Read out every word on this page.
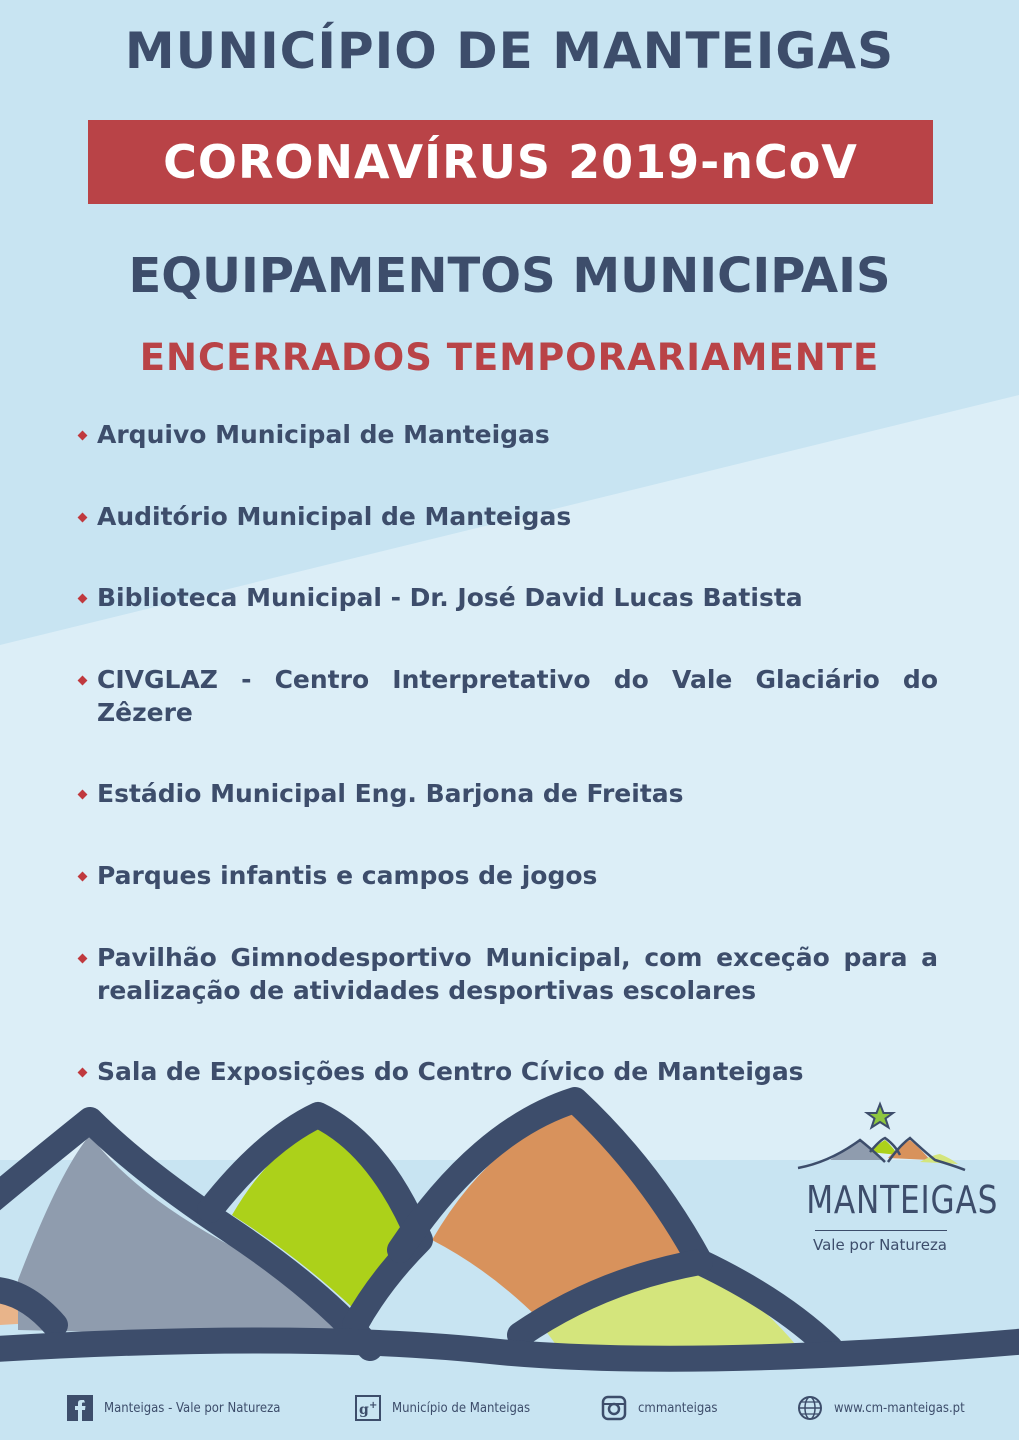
MUNICÍPIO DE MANTEIGAS
CORONAVÍRUS 2019-nCoV
EQUIPAMENTOS MUNICIPAIS
ENCERRADOS TEMPORARIAMENTE
Arquivo Municipal de Manteigas
Auditório Municipal de Manteigas
Biblioteca Municipal - Dr. José David Lucas Batista
CIVGLAZ - Centro Interpretativo do Vale Glaciário do Zêzere
Estádio Municipal Eng. Barjona de Freitas
Parques infantis e campos de jogos
Pavilhão Gimnodesportivo Municipal, com exceção para a realização de atividades desportivas escolares
Sala de Exposições do Centro Cívico de Manteigas
MANTEIGAS
Vale por Natureza
Manteigas - Vale por Natureza	g + Município de Manteigas	cmmanteigas	www.cm-manteigas.pt
